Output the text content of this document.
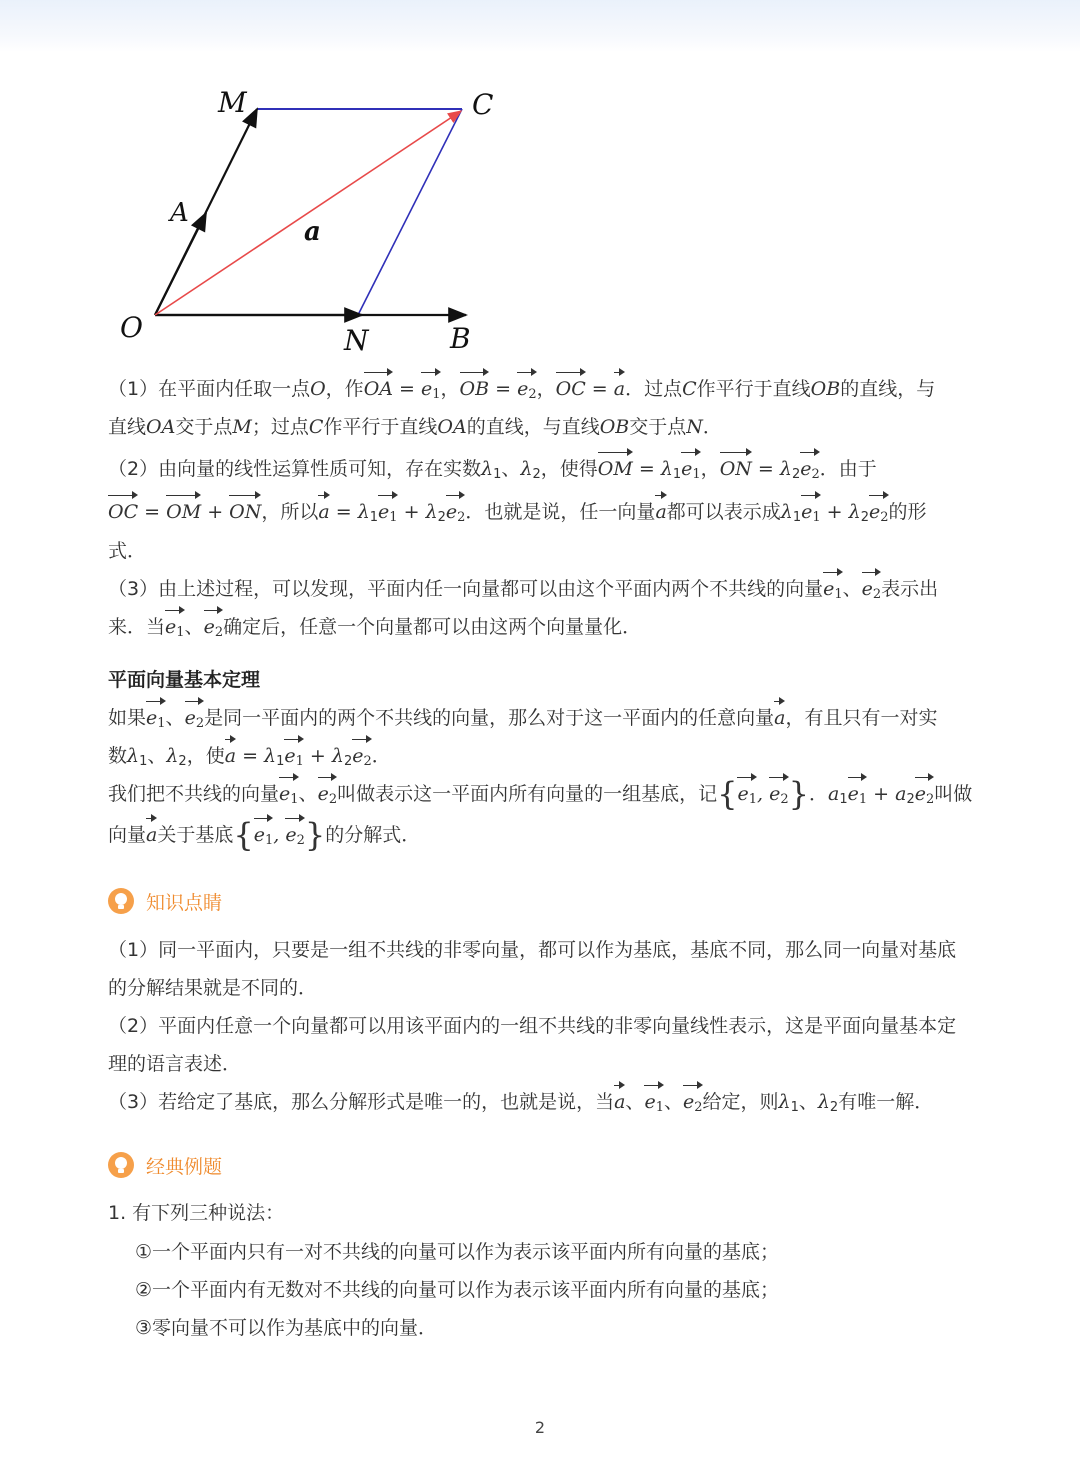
M	C
A
a
O	N	B
（1）在平面内任取一点O，作OA = $e_1$，OB = $e_2$，OC = a．过点C作平行于直线OB的直线，与
直线OA交于点M；过点C作平行于直线OA的直线，与直线OB交于点N．
（2）由向量的线性运算性质可知，存在实数$\lambda_1$、$\lambda_2$，使得OM = $\lambda_1e_1$，ON = $\lambda_2e_2$．由于
OC = OM + ON，所以$a = \lambda_1e_1 + \lambda_2e_2$．也就是说，任一向量a都可以表示成$\lambda_1e_1 + \lambda_2e_2$的形
式．
（3）由上述过程，可以发现，平面内任一向量都可以由这个平面内两个不共线的向量$e_1$、$e_2$表示出
来．当$e_1$、$e_2$确定后，任意一个向量都可以由这两个向量量化．
平面向量基本定理
如果$e_1$、$e_2$是同一平面内的两个不共线的向量，那么对于这一平面内的任意向量a，有且只有一对实
数$\lambda_1$、$\lambda_2$，使$a = \lambda_1e_1 + \lambda_2e_2$．
我们把不共线的向量$e_1$、$e_2$叫做表示这一平面内所有向量的一组基底，记{$e_1$, $e_2$}．$a_1e_1 + a_2e_2$叫做
向量a关于基底{$e_1$, $e_2$}的分解式．
知识点睛
（1）同一平面内，只要是一组不共线的非零向量，都可以作为基底，基底不同，那么同一向量对基底
的分解结果就是不同的．
（2）平面内任意一个向量都可以用该平面内的一组不共线的非零向量线性表示，这是平面向量基本定
理的语言表述．
（3）若给定了基底，那么分解形式是唯一的，也就是说，当a、$e_1$、$e_2$给定，则$\lambda_1$、$\lambda_2$有唯一解．
经典例题
1. 有下列三种说法：
①一个平面内只有一对不共线的向量可以作为表示该平面内所有向量的基底；
②一个平面内有无数对不共线的向量可以作为表示该平面内所有向量的基底；
③零向量不可以作为基底中的向量．
2
